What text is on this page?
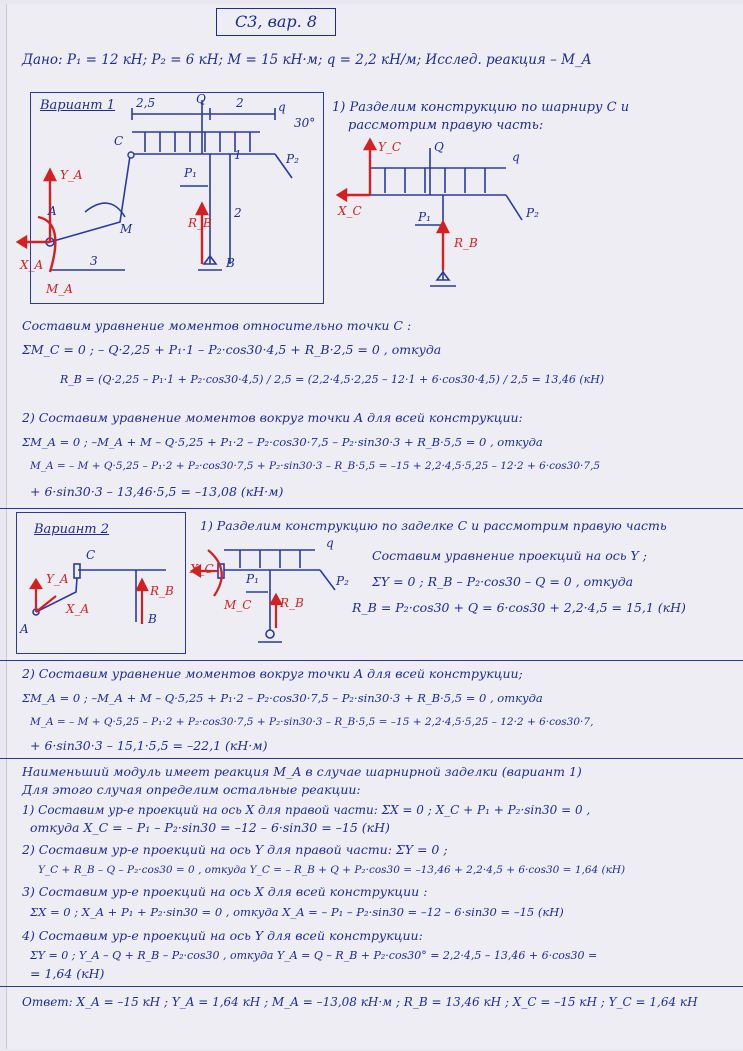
С3, вар. 8
Дано: P₁ = 12 кН; P₂ = 6 кН; M = 15 кН·м; q = 2,2 кН/м; Исслед. реакция – M_A
Вариант 1 2,5	2
Q
q
30°
C
P₁
P₂
1
2
M
3	B
A
R_B
Y_A
X_A
M_A
1) Разделим конструкцию по шарниру C и
рассмотрим правую часть:
Y_C
X_C
Q
q
P₁	P₂
R_B
Составим уравнение моментов относительно точки C :
ΣM_C = 0 ; – Q·2,25 + P₁·1 – P₂·cos30·4,5 + R_B·2,5 = 0 , откуда
R_B = (Q·2,25 – P₁·1 + P₂·cos30·4,5) / 2,5 = (2,2·4,5·2,25 – 12·1 + 6·cos30·4,5) / 2,5 = 13,46 (кН)
2) Составим уравнение моментов вокруг точки A для всей конструкции:
ΣM_A = 0 ; –M_A + M – Q·5,25 + P₁·2 – P₂·cos30·7,5 – P₂·sin30·3 + R_B·5,5 = 0 , откуда
M_A = – M + Q·5,25 – P₁·2 + P₂·cos30·7,5 + P₂·sin30·3 – R_B·5,5 = –15 + 2,2·4,5·5,25 – 12·2 + 6·cos30·7,5
+ 6·sin30·3 – 13,46·5,5 = –13,08 (кН·м)
Вариант 2
C
B
A
Y_A
X_A
R_B
1) Разделим конструкцию по заделке C и рассмотрим правую часть
X_C
M_C
P₁	P₂
q
R_B
Составим уравнение проекций на ось Y ;
ΣY = 0 ; R_B – P₂·cos30 – Q = 0 , откуда
R_B = P₂·cos30 + Q = 6·cos30 + 2,2·4,5 = 15,1 (кН)
2) Составим уравнение моментов вокруг точки A для всей конструкции;
ΣM_A = 0 ; –M_A + M – Q·5,25 + P₁·2 – P₂·cos30·7,5 – P₂·sin30·3 + R_B·5,5 = 0 , откуда
M_A = – M + Q·5,25 – P₁·2 + P₂·cos30·7,5 + P₂·sin30·3 – R_B·5,5 = –15 + 2,2·4,5·5,25 – 12·2 + 6·cos30·7,
+ 6·sin30·3 – 15,1·5,5 = –22,1 (кН·м)
Наименьший модуль имеет реакция M_A в случае шарнирной заделки (вариант 1)
Для этого случая определим остальные реакции:
1) Составим ур-е проекций на ось X для правой части: ΣX = 0 ; X_C + P₁ + P₂·sin30 = 0 ,
откуда X_C = – P₁ – P₂·sin30 = –12 – 6·sin30 = –15 (кН)
2) Составим ур-е проекций на ось Y для правой части: ΣY = 0 ;
Y_C + R_B – Q – P₂·cos30 = 0 , откуда Y_C = – R_B + Q + P₂·cos30 = –13,46 + 2,2·4,5 + 6·cos30 = 1,64 (кН)
3) Составим ур-е проекций на ось X для всей конструкции :
ΣX = 0 ; X_A + P₁ + P₂·sin30 = 0 , откуда X_A = – P₁ – P₂·sin30 = –12 – 6·sin30 = –15 (кН)
4) Составим ур-е проекций на ось Y для всей конструкции:
ΣY = 0 ; Y_A – Q + R_B – P₂·cos30 , откуда Y_A = Q – R_B + P₂·cos30° = 2,2·4,5 – 13,46 + 6·cos30 =
= 1,64 (кН)
Ответ: X_A = –15 кН ; Y_A = 1,64 кН ; M_A = –13,08 кН·м ; R_B = 13,46 кН ; X_C = –15 кН ; Y_C = 1,64 кН
